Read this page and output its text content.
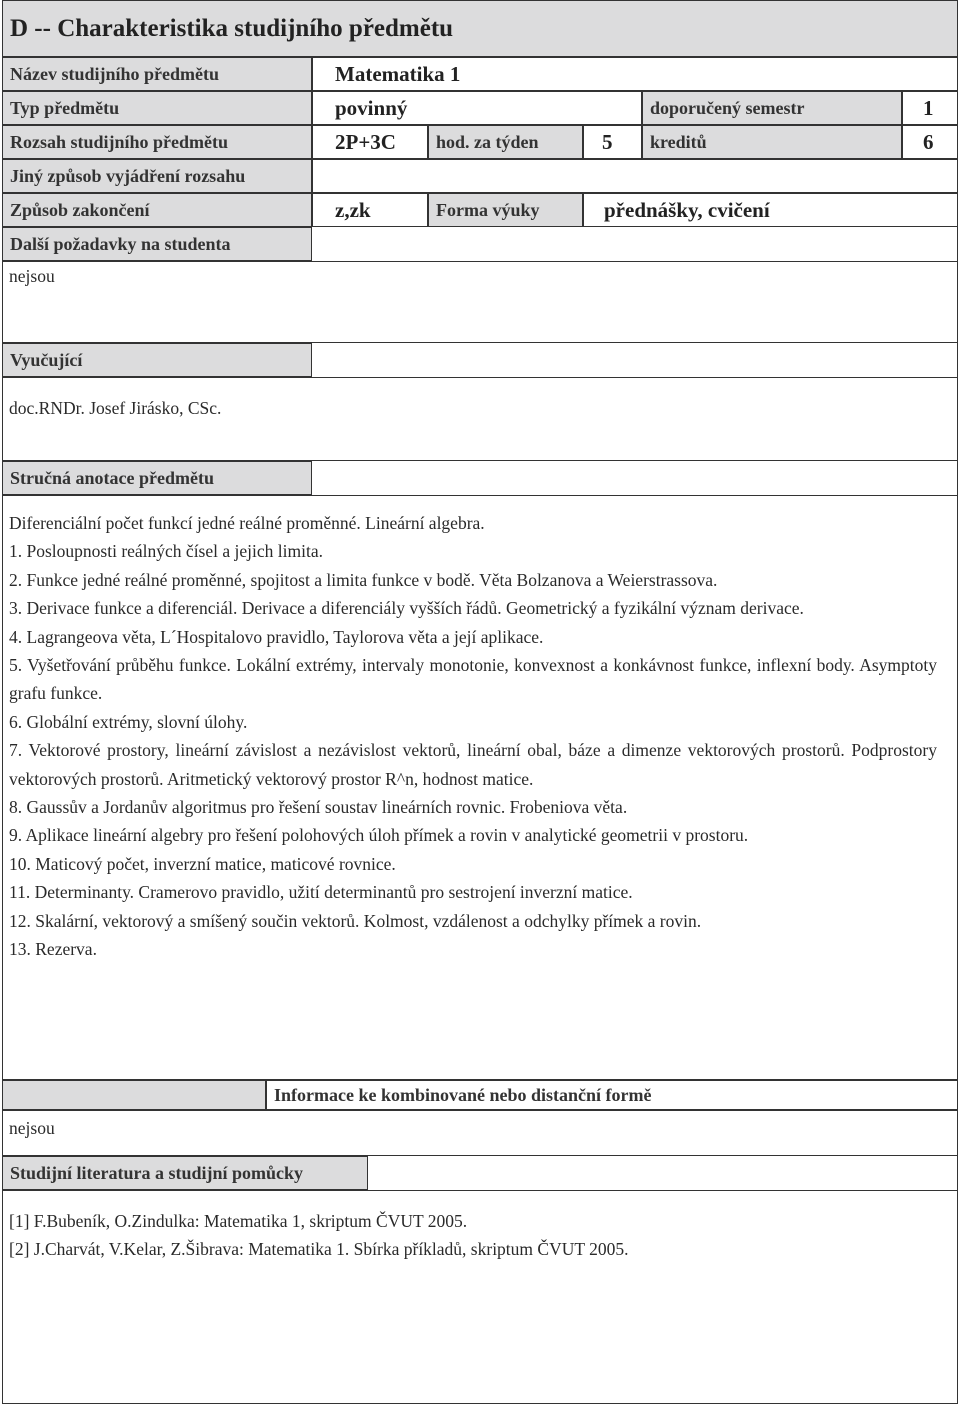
D -- Charakteristika studijního předmětu
Název studijního předmětu	Matematika 1
Typ předmětu	povinný	doporučený semestr	1
Rozsah studijního předmětu	2P+3C	hod. za týden	5	kreditů	6
Jiný způsob vyjádření rozsahu
Způsob zakončení	z,zk	Forma výuky	přednášky, cvičení
Další požadavky na studenta
nejsou
Vyučující
doc.RNDr. Josef Jirásko, CSc.
Stručná anotace předmětu

Diferenciální počet funkcí jedné reálné proměnné. Lineární algebra.

1. Posloupnosti reálných čísel a jejich limita.

2. Funkce jedné reálné proměnné, spojitost a limita funkce v bodě. Věta Bolzanova a Weierstrassova.

3. Derivace funkce a diferenciál. Derivace a diferenciály vyšších řádů. Geometrický a fyzikální význam derivace.

4. Lagrangeova věta, L´Hospitalovo pravidlo, Taylorova věta a její aplikace.

5. Vyšetřování průběhu funkce. Lokální extrémy, intervaly monotonie, konvexnost a konkávnost funkce, inflexní body. Asymptoty grafu funkce.

6. Globální extrémy, slovní úlohy.

7. Vektorové prostory, lineární závislost a nezávislost vektorů, lineární obal, báze a dimenze vektorových prostorů. Podprostory vektorových prostorů. Aritmetický vektorový prostor R^n, hodnost matice.

8. Gaussův a Jordanův algoritmus pro řešení soustav lineárních rovnic. Frobeniova věta.

9. Aplikace lineární algebry pro řešení polohových úloh přímek a rovin v analytické geometrii v prostoru.

10. Maticový počet, inverzní matice, maticové rovnice.

11. Determinanty. Cramerovo pravidlo, užití determinantů pro sestrojení inverzní matice.

12. Skalární, vektorový a smíšený součin vektorů. Kolmost, vzdálenost a odchylky přímek a rovin.

13. Rezerva.

Informace ke kombinované nebo distanční formě
nejsou
Studijní literatura a studijní pomůcky
[1] F.Bubeník, O.Zindulka: Matematika 1, skriptum ČVUT 2005.
[2] J.Charvát, V.Kelar, Z.Šibrava: Matematika 1. Sbírka příkladů, skriptum ČVUT 2005.
